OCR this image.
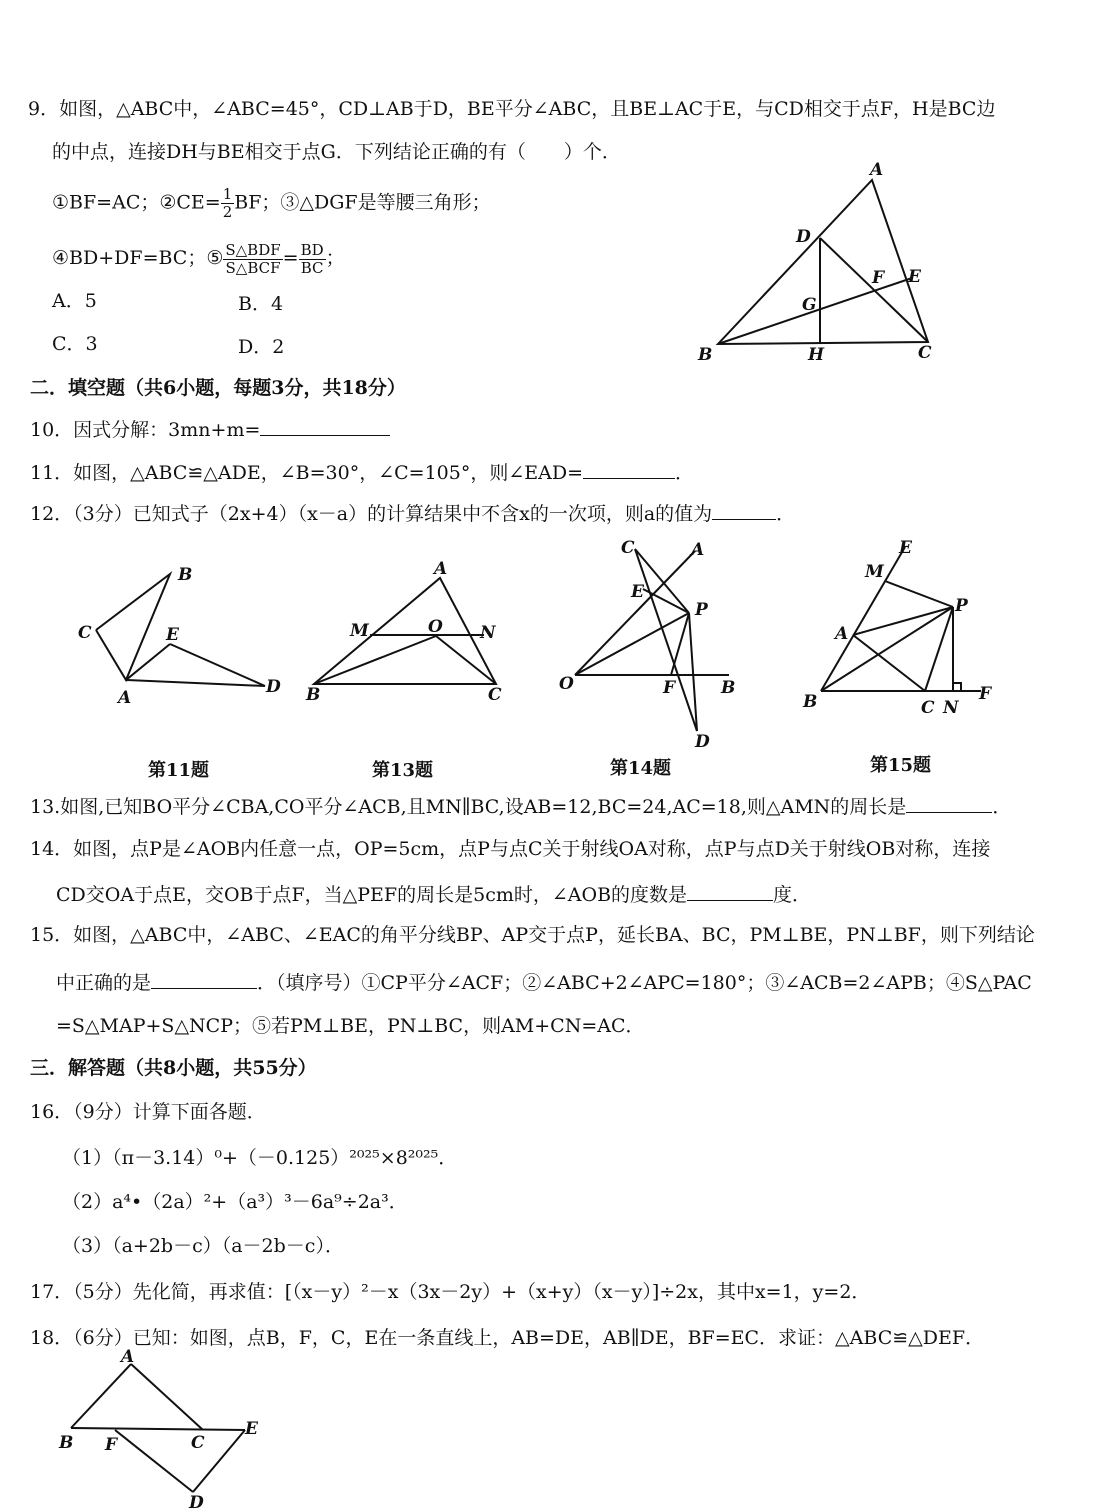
9．如图，△ABC中，∠ABC=45°，CD⊥AB于D，BE平分∠ABC，且BE⊥AC于E，与CD相交于点F，H是BC边
的中点，连接DH与BE相交于点G．下列结论正确的有（　　）个．
①BF=AC；②CE= $\frac{1}{2}$ BF；③△DGF是等腰三角形；
④BD+DF=BC；⑤ $\frac{\text{S△BDF}}{\text{S△BCF}} = \frac{BD}{BC}$ ；
A．5	B．4
C．3	D．2
A
B	C
D
E
F
G
H
二．填空题（共6小题，每题3分，共18分）
10．因式分解：3mn+m=
11．如图，△ABC≌△ADE，∠B=30°，∠C=105°，则∠EAD=	．
12．（3分）已知式子（2x+4）（x－a）的计算结果中不含x的一次项，则a的值为	．
A
B
C
D
E
A
B	C
M	N
O
A
B
C
D
E
F
O
P
E
M
A
P
B	C N
F
第11题	第13题	第14题	第15题
13.如图,已知BO平分∠CBA,CO平分∠ACB,且MN∥BC,设AB=12,BC=24,AC=18,则△AMN的周长是	．
14．如图，点P是∠AOB内任意一点，OP=5cm，点P与点C关于射线OA对称，点P与点D关于射线OB对称，连接
CD交OA于点E，交OB于点F，当△PEF的周长是5cm时，∠AOB的度数是	度．
15．如图，△ABC中，∠ABC、∠EAC的角平分线BP、AP交于点P，延长BA、BC，PM⊥BE，PN⊥BF，则下列结论
中正确的是	．（填序号）①CP平分∠ACF；②∠ABC+2∠APC=180°；③∠ACB=2∠APB；④S△PAC
=S△MAP+S△NCP；⑤若PM⊥BE，PN⊥BC，则AM+CN=AC．
三．解答题（共8小题，共55分）
16．（9分）计算下面各题．
（1）（π－3.14）⁰+（－0.125）²⁰²⁵×8²⁰²⁵．
（2）a⁴•（2a）²+（a³）³－6a⁹÷2a³．
（3）（a+2b－c）（a－2b－c）．
17．（5分）先化简，再求值：[（x－y）²－x（3x－2y）+（x+y）（x－y）]÷2x，其中x=1，y=2．
18．（6分）已知：如图，点B，F，C，E在一条直线上，AB=DE，AB∥DE，BF=EC．求证：△ABC≌△DEF．
A
B F	C
E
D
